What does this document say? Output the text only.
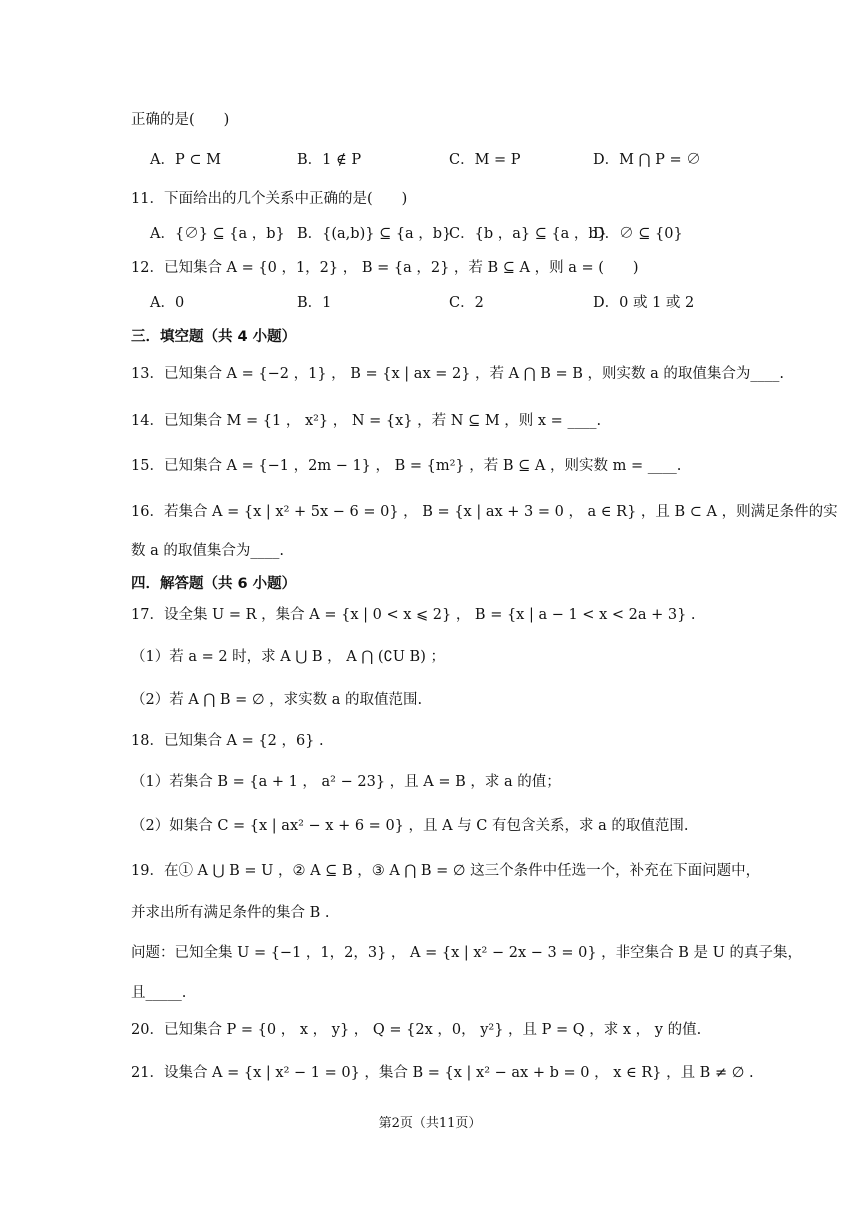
正确的是(　　)
A．P ⊂ M	B．1 ∉ P	C．M = P	D．M ⋂ P = ∅
11．下面给出的几个关系中正确的是(　　)
A．{∅} ⊆ {a ，b} B．{(a,b)} ⊆ {a ，b}
C．{b ，a} ⊆ {a ，b}
D．∅ ⊆ {0}
12．已知集合 A = {0 ，1，2} ， B = {a ，2} ，若 B ⊆ A ，则 a = (　　)
A．0	B．1	C．2	D．0 或 1 或 2
三．填空题（共 4 小题）
13．已知集合 A = {−2 ，1} ， B = {x | ax = 2} ，若 A ⋂ B = B ，则实数 a 的取值集合为____.
14．已知集合 M = {1 ， x²} ， N = {x} ，若 N ⊆ M ，则 x = ____.
15．已知集合 A = {−1 ，2m − 1} ， B = {m²} ，若 B ⊆ A ，则实数 m = ____.
16．若集合 A = {x | x² + 5x − 6 = 0} ， B = {x | ax + 3 = 0 ， a ∈ R} ，且 B ⊂ A ，则满足条件的实
数 a 的取值集合为____.
四．解答题（共 6 小题）
17．设全集 U = R ，集合 A = {x | 0 < x ⩽ 2} ， B = {x | a − 1 < x < 2a + 3} .
（1）若 a = 2 时，求 A ⋃ B ， A ⋂ (∁U B) ；
（2）若 A ⋂ B = ∅ ，求实数 a 的取值范围.
18．已知集合 A = {2 ，6} .
（1）若集合 B = {a + 1 ， a² − 23} ，且 A = B ，求 a 的值；
（2）如集合 C = {x | ax² − x + 6 = 0} ，且 A 与 C 有包含关系，求 a 的取值范围.
19．在① A ⋃ B = U ，② A ⊆ B ，③ A ⋂ B = ∅ 这三个条件中任选一个，补充在下面问题中，
并求出所有满足条件的集合 B .
问题：已知全集 U = {−1 ，1，2，3} ， A = {x | x² − 2x − 3 = 0} ，非空集合 B 是 U 的真子集，
且_____.
20．已知集合 P = {0 ， x ， y} ， Q = {2x ，0， y²} ，且 P = Q ，求 x ， y 的值.
21．设集合 A = {x | x² − 1 = 0} ，集合 B = {x | x² − ax + b = 0 ， x ∈ R} ，且 B ≠ ∅ .
第2页（共11页）
